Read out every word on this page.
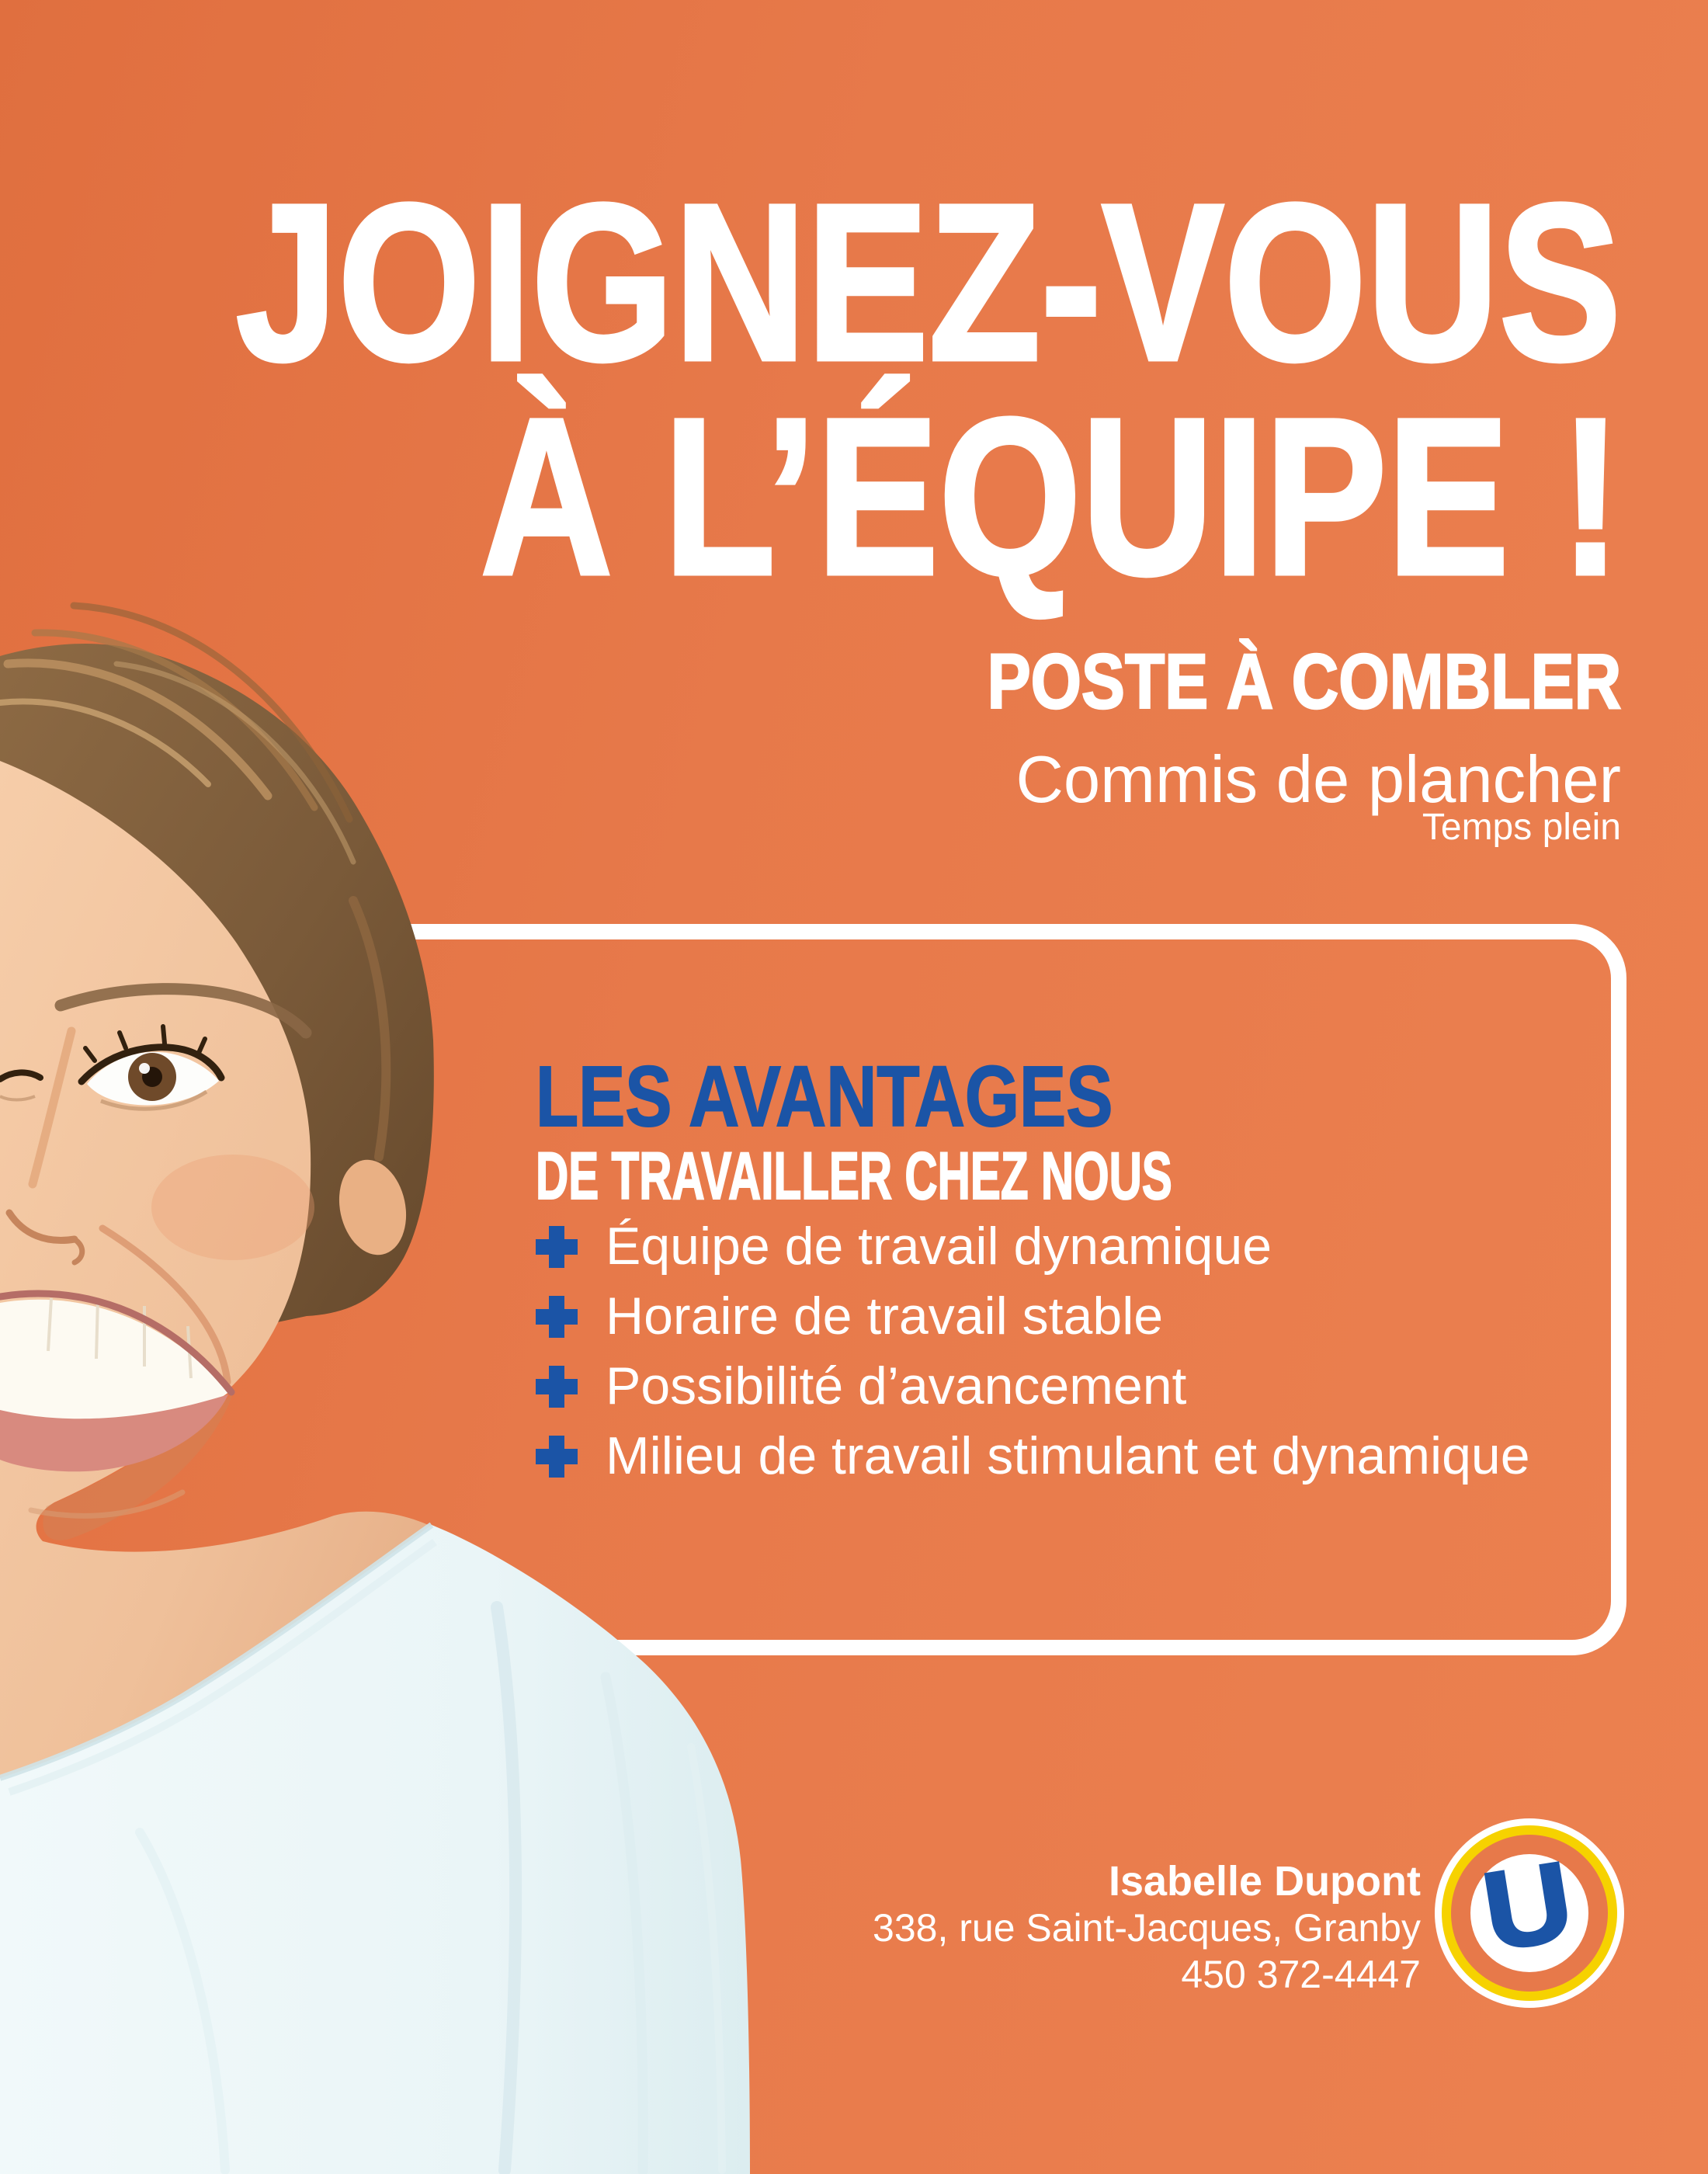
JOIGNEZ-VOUS
À L’ÉQUIPE !
POSTE À COMBLER
Commis de plancher
Temps plein
LES AVANTAGES
DE TRAVAILLER CHEZ NOUS
Équipe de travail dynamique
Horaire de travail stable
Possibilité d’avancement
Milieu de travail stimulant et dynamique
Isabelle Dupont
338, rue Saint-Jacques, Granby
450 372-4447 U
